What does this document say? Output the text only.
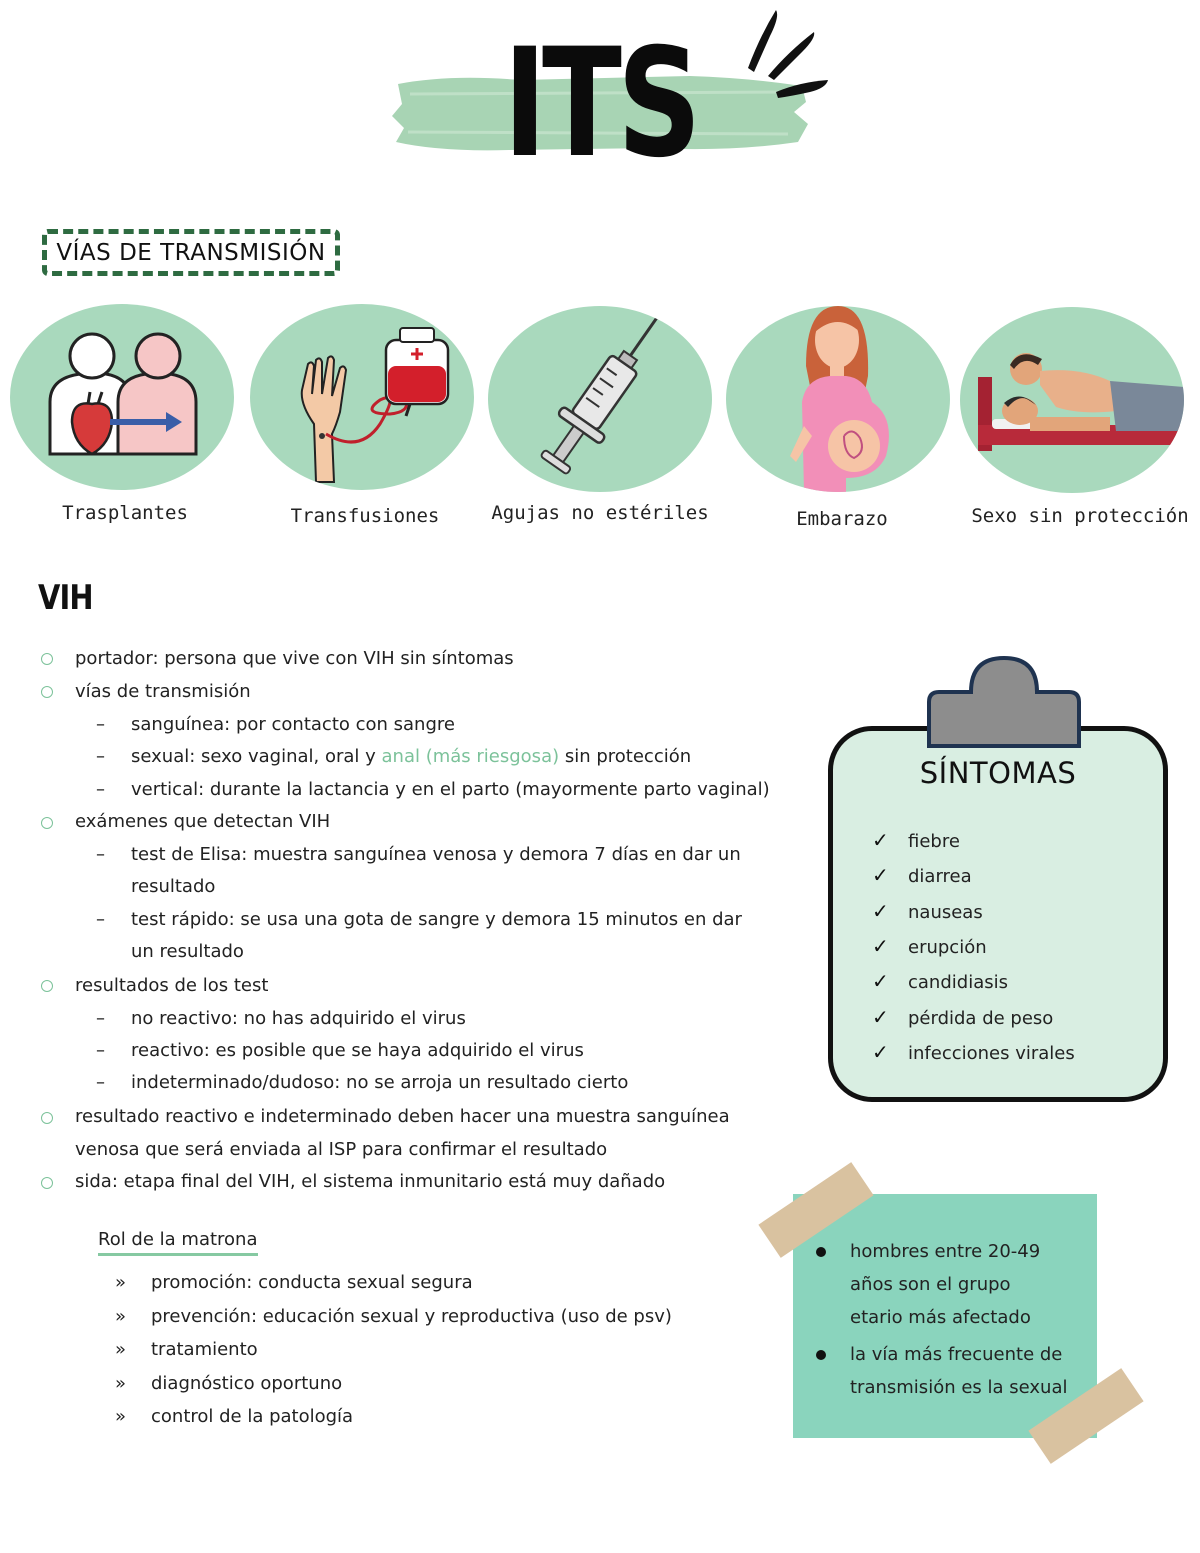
ITS
VÍAS DE TRANSMISIÓN
Trasplantes	Transfusiones	Agujas no estériles	Embarazo	Sexo sin protección
VIH
portador: persona que vive con VIH sin síntomas
vías de transmisión
– sanguínea: por contacto con sangre
– sexual: sexo vaginal, oral y anal (más riesgosa) sin protección
– vertical: durante la lactancia y en el parto (mayormente parto vaginal)
exámenes que detectan VIH
– test de Elisa: muestra sanguínea venosa y demora 7 días en dar un
resultado
– test rápido: se usa una gota de sangre y demora 15 minutos en dar
un resultado
resultados de los test
– no reactivo: no has adquirido el virus
– reactivo: es posible que se haya adquirido el virus
– indeterminado/dudoso: no se arroja un resultado cierto
resultado reactivo e indeterminado deben hacer una muestra sanguínea
venosa que será enviada al ISP para confirmar el resultado
sida: etapa final del VIH, el sistema inmunitario está muy dañado
Rol de la matrona
» promoción: conducta sexual segura
» prevención: educación sexual y reproductiva (uso de psv)
» tratamiento
» diagnóstico oportuno
» control de la patología
SÍNTOMAS
✓ fiebre
✓ diarrea
✓ nauseas
✓ erupción
✓ candidiasis
✓ pérdida de peso
✓ infecciones virales
hombres entre 20-49
años son el grupo
etario más afectado
la vía más frecuente de
transmisión es la sexual
